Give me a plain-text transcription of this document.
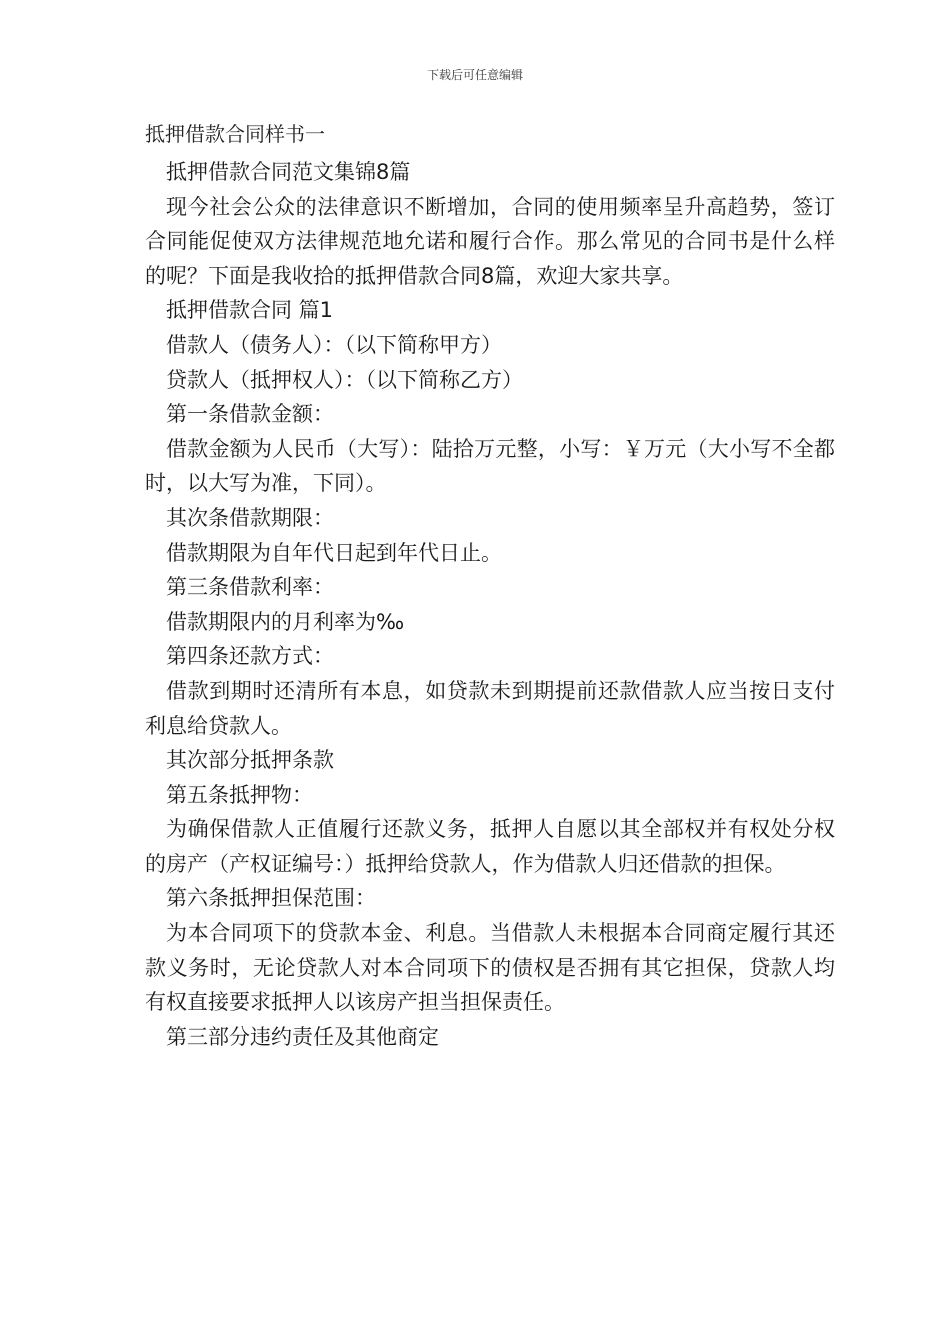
下载后可任意编辑
抵押借款合同样书一

抵押借款合同范文集锦8篇

现今社会公众的法律意识不断增加，合同的使用频率呈升高趋势，签订合同能促使双方法律规范地允诺和履行合作。那么常见的合同书是什么样的呢？下面是我收拾的抵押借款合同8篇，欢迎大家共享。

抵押借款合同 篇1

借款人（债务人）：（以下简称甲方）

贷款人（抵押权人）：（以下简称乙方）

第一条借款金额：

借款金额为人民币（大写）：陆拾万元整，小写：￥万元（大小写不全都时，以大写为准，下同）。

其次条借款期限：

借款期限为自年代日起到年代日止。

第三条借款利率：

借款期限内的月利率为‰

第四条还款方式：

借款到期时还清所有本息，如贷款未到期提前还款借款人应当按日支付利息给贷款人。

其次部分抵押条款

第五条抵押物：

为确保借款人正值履行还款义务，抵押人自愿以其全部权并有权处分权的房产（产权证编号：）抵押给贷款人，作为借款人归还借款的担保。

第六条抵押担保范围：

为本合同项下的贷款本金、利息。当借款人未根据本合同商定履行其还款义务时，无论贷款人对本合同项下的债权是否拥有其它担保，贷款人均有权直接要求抵押人以该房产担当担保责任。

第三部分违约责任及其他商定
